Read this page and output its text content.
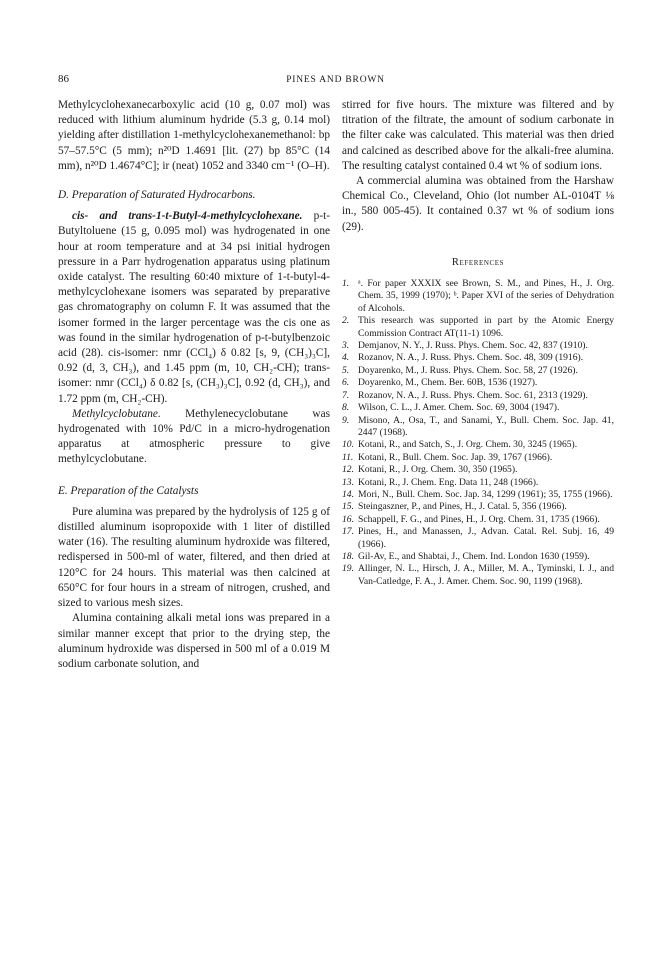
86	PINES AND BROWN

Methylcyclohexanecarboxylic acid (10 g, 0.07 mol) was reduced with lithium aluminum hydride (5.3 g, 0.14 mol) yielding after distillation 1-methylcyclohexanemethanol: bp 57–57.5°C (5 mm); n²⁰D 1.4691 [lit. (27) bp 85°C (14 mm), n²⁰D 1.4674°C]; ir (neat) 1052 and 3340 cm⁻¹ (O–H).

D. Preparation of Saturated Hydrocarbons.

cis- and trans-1-t-Butyl-4-methylcyclohexane. p-t-Butyltoluene (15 g, 0.095 mol) was hydrogenated in one hour at room temperature and at 34 psi initial hydrogen pressure in a Parr hydrogenation apparatus using platinum oxide catalyst. The resulting 60:40 mixture of 1-t-butyl-4-methylcyclohexane isomers was separated by preparative gas chromatography on column F. It was assumed that the isomer formed in the larger percentage was the cis one as was found in the similar hydrogenation of p-t-butylbenzoic acid (28). cis-isomer: nmr (CCl₄) δ 0.82 [s, 9, (CH₃)₃C], 0.92 (d, 3, CH₃), and 1.45 ppm (m, 10, CH₂-CH); trans-isomer: nmr (CCl₄) δ 0.82 [s, (CH₃)₃C], 0.92 (d, CH₃), and 1.72 ppm (m, CH₂-CH).

Methylcyclobutane. Methylenecyclobutane was hydrogenated with 10% Pd/C in a micro-hydrogenation apparatus at atmospheric pressure to give methylcyclobutane.

E. Preparation of the Catalysts

Pure alumina was prepared by the hydrolysis of 125 g of distilled aluminum isopropoxide with 1 liter of distilled water (16). The resulting aluminum hydroxide was filtered, redispersed in 500-ml of water, filtered, and then dried at 120°C for 24 hours. This material was then calcined at 650°C for four hours in a stream of nitrogen, crushed, and sized to various mesh sizes.

Alumina containing alkali metal ions was prepared in a similar manner except that prior to the drying step, the aluminum hydroxide was dispersed in 500 ml of a 0.019 M sodium carbonate solution, and

stirred for five hours. The mixture was filtered and by titration of the filtrate, the amount of sodium carbonate in the filter cake was calculated. This material was then dried and calcined as described above for the alkali-free alumina. The resulting catalyst contained 0.4 wt % of sodium ions.

A commercial alumina was obtained from the Harshaw Chemical Co., Cleveland, Ohio (lot number AL-0104T ⅛ in., 580 005-45). It contained 0.37 wt % of sodium ions (29).

References

1. ᵃ. For paper XXXIX see Brown, S. M., and Pines, H., J. Org. Chem. 35, 1999 (1970); ᵇ. Paper XVI of the series of Dehydration of Alcohols.
2. This research was supported in part by the Atomic Energy Commission Contract AT(11-1) 1096.
3. Demjanov, N. Y., J. Russ. Phys. Chem. Soc. 42, 837 (1910).
4. Rozanov, N. A., J. Russ. Phys. Chem. Soc. 48, 309 (1916).
5. Doyarenko, M., J. Russ. Phys. Chem. Soc. 58, 27 (1926).
6. Doyarenko, M., Chem. Ber. 60B, 1536 (1927).
7. Rozanov, N. A., J. Russ. Phys. Chem. Soc. 61, 2313 (1929).
8. Wilson, C. L., J. Amer. Chem. Soc. 69, 3004 (1947).
9. Misono, A., Osa, T., and Sanami, Y., Bull. Chem. Soc. Jap. 41, 2447 (1968).
10. Kotani, R., and Satch, S., J. Org. Chem. 30, 3245 (1965).
11. Kotani, R., Bull. Chem. Soc. Jap. 39, 1767 (1966).
12. Kotani, R., J. Org. Chem. 30, 350 (1965).
13. Kotani, R., J. Chem. Eng. Data 11, 248 (1966).
14. Mori, N., Bull. Chem. Soc. Jap. 34, 1299 (1961); 35, 1755 (1966).
15. Steingaszner, P., and Pines, H., J. Catal. 5, 356 (1966).
16. Schappell, F. G., and Pines, H., J. Org. Chem. 31, 1735 (1966).
17. Pines, H., and Manassen, J., Advan. Catal. Rel. Subj. 16, 49 (1966).
18. Gil-Av, E., and Shabtai, J., Chem. Ind. London 1630 (1959).
19. Allinger, N. L., Hirsch, J. A., Miller, M. A., Tyminski, I. J., and Van-Catledge, F. A., J. Amer. Chem. Soc. 90, 1199 (1968).
